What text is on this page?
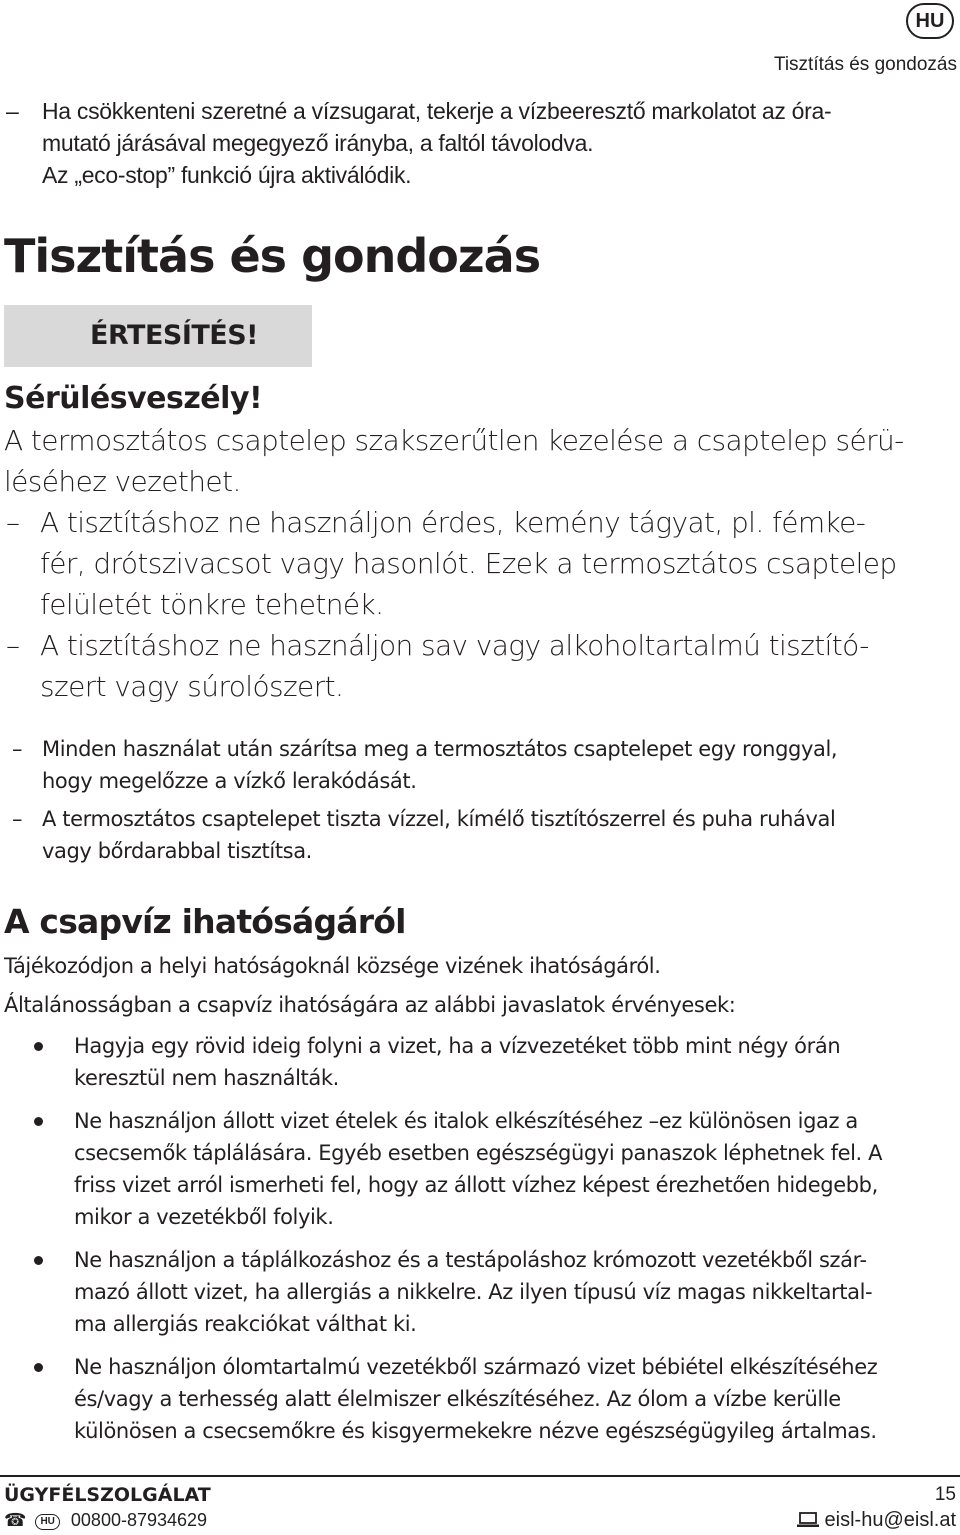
HU
Tisztítás és gondozás
– Ha csökkenteni szeretné a vízsugarat, tekerje a vízbeeresztő markolatot az óra-
mutató járásával megegyező irányba, a faltól távolodva.
Az „eco-stop” funkció újra aktiválódik.
Tisztítás és gondozás
ÉRTESÍTÉS!
Sérülésveszély!

A termosztátos csaptelep szakszerűtlen kezelése a csaptelep sérü-

léséhez vezethet.

– A tisztításhoz ne használjon érdes, kemény tágyat, pl. fémke-
fér, drótszivacsot vagy hasonlót. Ezek a termosztátos csaptelep
felületét tönkre tehetnék.
– A tisztításhoz ne használjon sav vagy alkoholtartalmú tisztító-
szert vagy súrolószert.
– Minden használat után szárítsa meg a termosztátos csaptelepet egy ronggyal,
hogy megelőzze a vízkő lerakódását.
– A termosztátos csaptelepet tiszta vízzel, kímélő tisztítószerrel és puha ruhával
vagy bőrdarabbal tisztítsa.
A csapvíz ihatóságáról
Tájékozódjon a helyi hatóságoknál községe vizének ihatóságáról.
Általánosságban a csapvíz ihatóságára az alábbi javaslatok érvényesek:
Hagyja egy rövid ideig folyni a vizet, ha a vízvezetéket több mint négy órán
keresztül nem használták.
Ne használjon állott vizet ételek és italok elkészítéséhez –ez különösen igaz a
csecsemők táplálására. Egyéb esetben egészségügyi panaszok léphetnek fel. A
friss vizet arról ismerheti fel, hogy az állott vízhez képest érezhetően hidegebb,
mikor a vezetékből folyik.
Ne használjon a táplálkozáshoz és a testápoláshoz krómozott vezetékből szár-
mazó állott vizet, ha allergiás a nikkelre. Az ilyen típusú víz magas nikkeltartal-
ma allergiás reakciókat válthat ki.
Ne használjon ólomtartalmú vezetékből származó vizet bébiétel elkészítéséhez
és/vagy a terhesség alatt élelmiszer elkészítéséhez. Az ólom a vízbe kerülle
különösen a csecsemőkre és kisgyermekekre nézve egészségügyileg ártalmas.
ÜGYFÉLSZOLGÁLAT
☎ HU 00800-87934629
15
eisl-hu@eisl.at
